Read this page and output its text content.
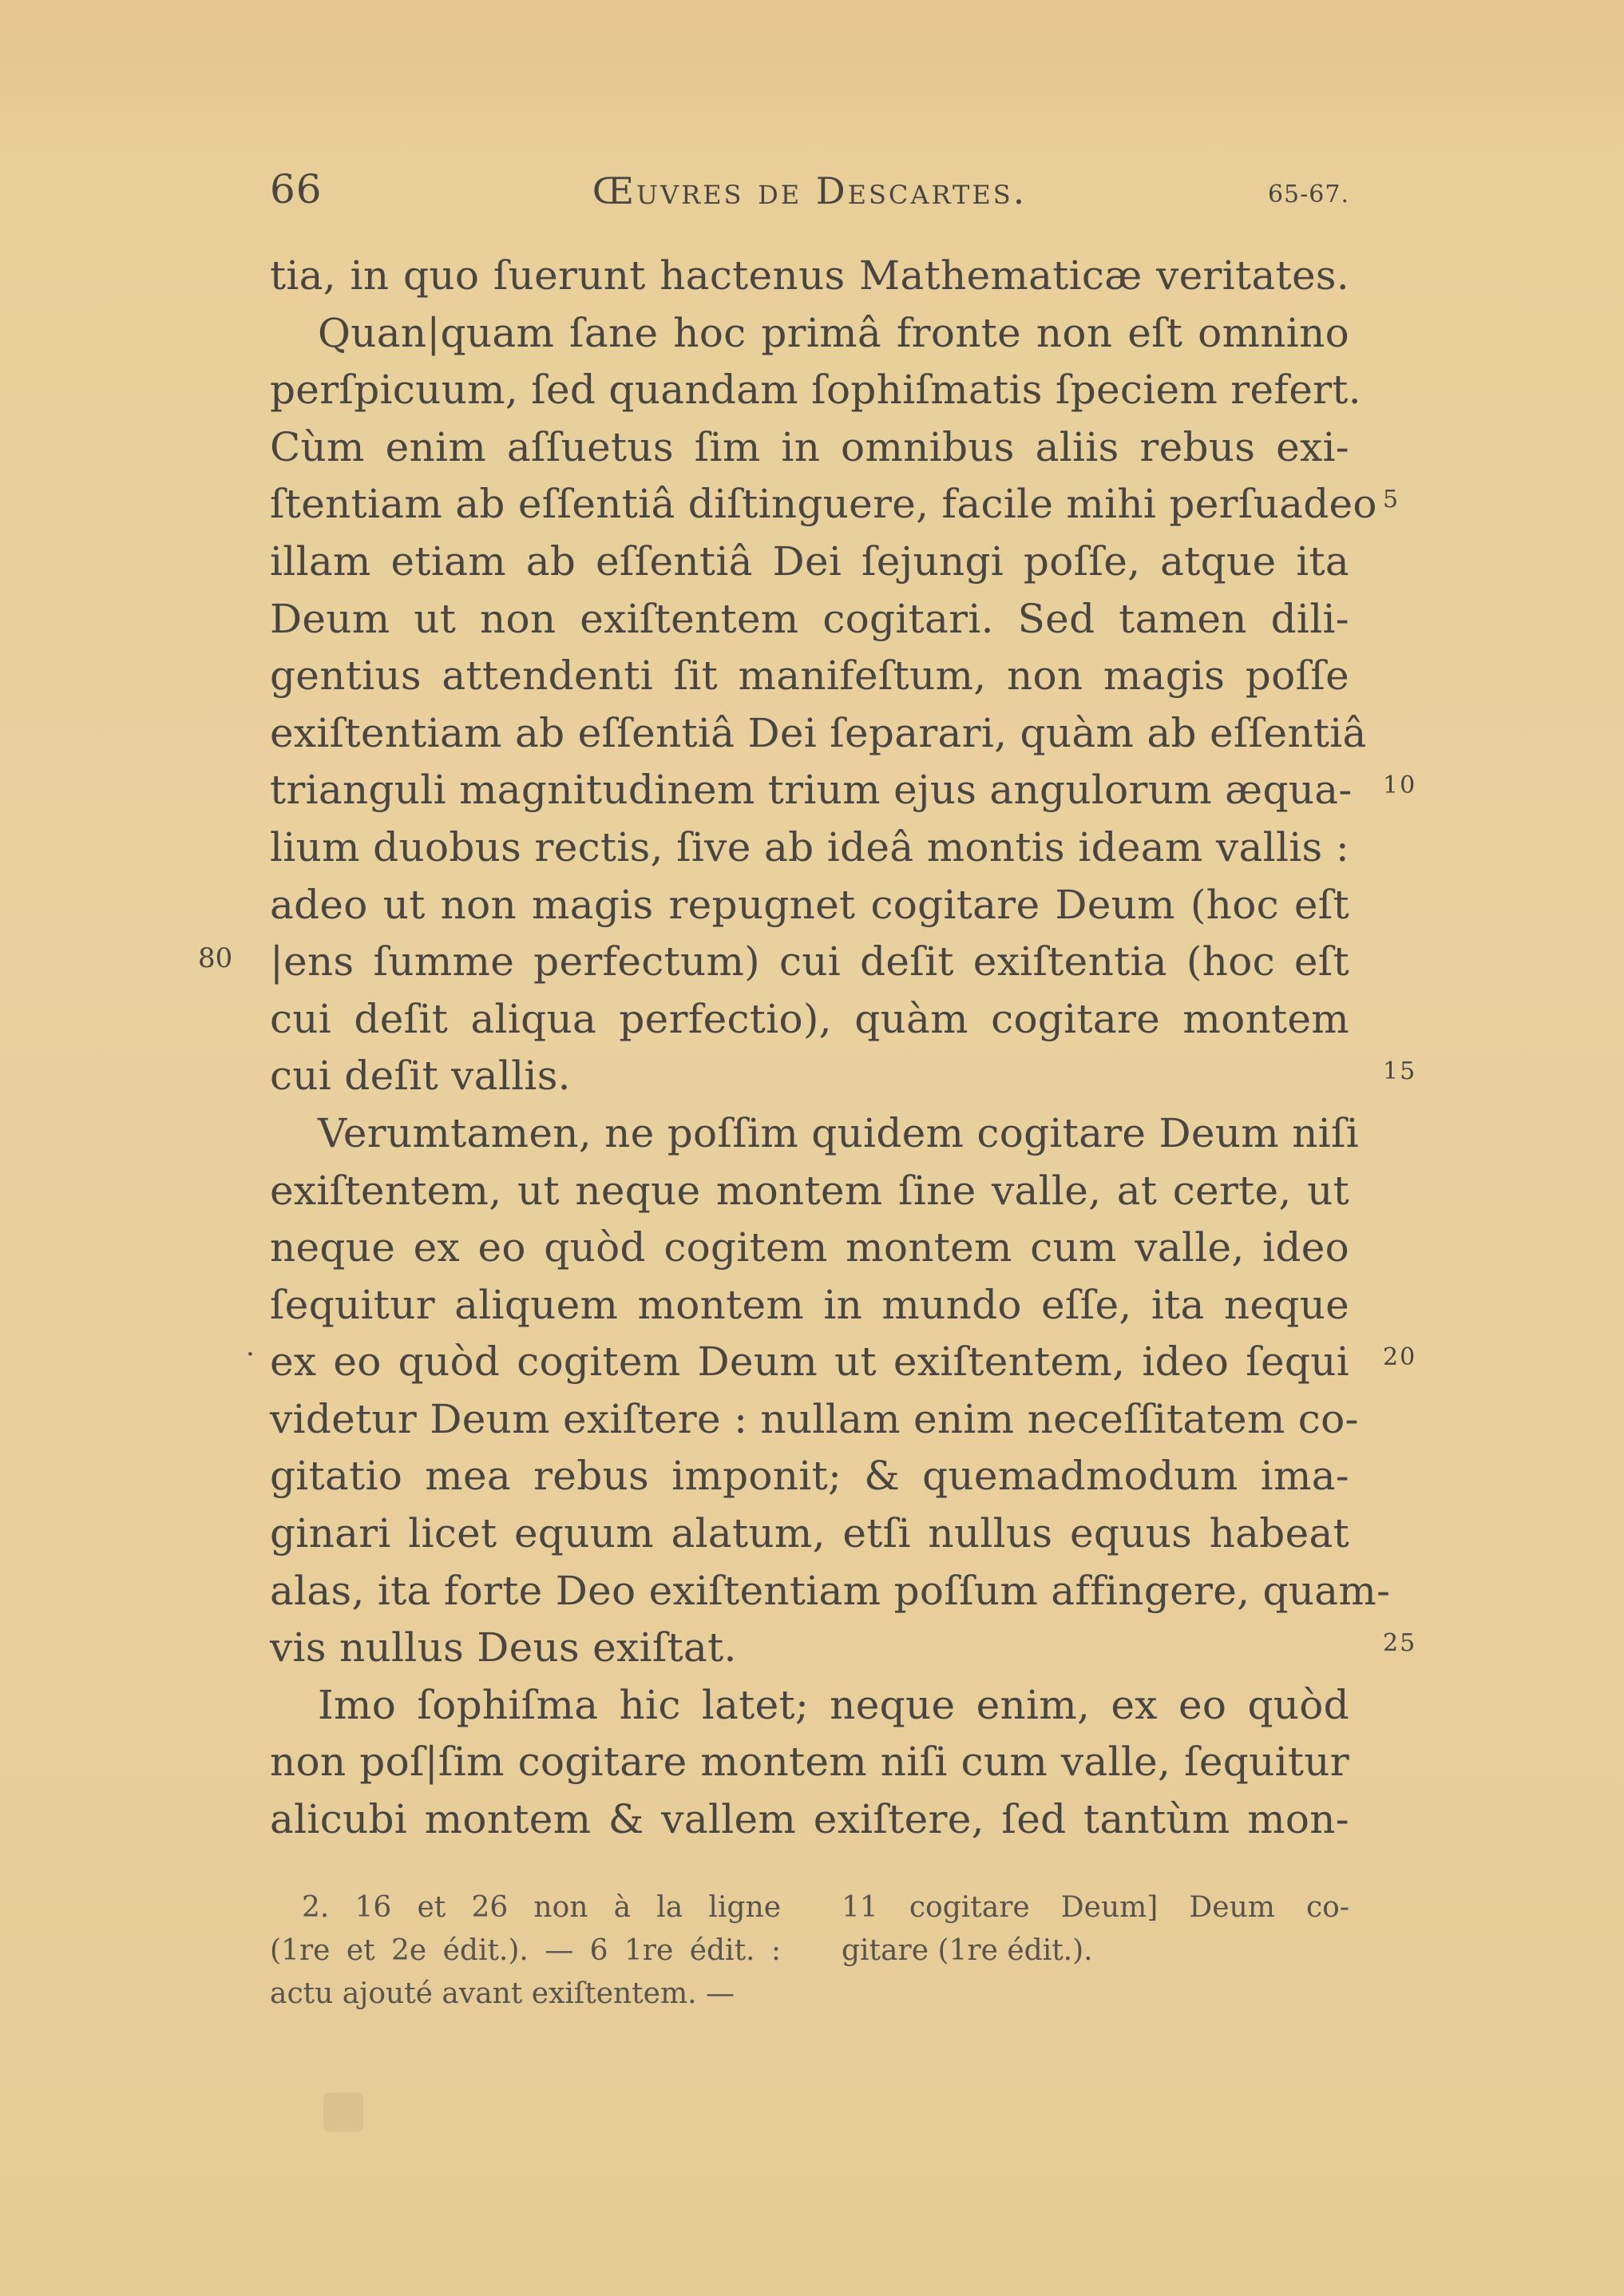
66	Œuvres de Descartes.	65-67.
tia, in quo ſuerunt hactenus Mathematicæ veritates.
Quan|quam ſane hoc primâ fronte non eſt omnino
perſpicuum, ſed quandam ſophiſmatis ſpeciem refert.
Cùm enim aſſuetus ſim in omnibus aliis rebus exi-
ſtentiam ab eſſentiâ diſtinguere, facile mihi perſuadeo
illam etiam ab eſſentiâ Dei ſejungi poſſe, atque ita
Deum ut non exiſtentem cogitari. Sed tamen dili-
gentius attendenti ſit manifeſtum, non magis poſſe
exiſtentiam ab eſſentiâ Dei ſeparari, quàm ab eſſentiâ
trianguli magnitudinem trium ejus angulorum æqua-
lium duobus rectis, ſive ab ideâ montis ideam vallis :
adeo ut non magis repugnet cogitare Deum (hoc eſt
|ens ſumme perfectum) cui deſit exiſtentia (hoc eſt
cui deſit aliqua perfectio), quàm cogitare montem
cui deſit vallis.
Verumtamen, ne poſſim quidem cogitare Deum niſi
exiſtentem, ut neque montem ſine valle, at certe, ut
neque ex eo quòd cogitem montem cum valle, ideo
ſequitur aliquem montem in mundo eſſe, ita neque
ex eo quòd cogitem Deum ut exiſtentem, ideo ſequi
videtur Deum exiſtere : nullam enim neceſſitatem co-
gitatio mea rebus imponit; & quemadmodum ima-
ginari licet equum alatum, etſi nullus equus habeat
alas, ita forte Deo exiſtentiam poſſum affingere, quam-
vis nullus Deus exiſtat.
Imo ſophiſma hic latet; neque enim, ex eo quòd
non poſ|ſim cogitare montem niſi cum valle, ſequitur
alicubi montem & vallem exiſtere, ſed tantùm mon-
5
10
15
20
25
80
·
2. 16 et 26 non à la ligne
(1re et 2e édit.). — 6 1re édit. :
actu ajouté avant exiſtentem. —
11 cogitare Deum] Deum co-
gitare (1re édit.).
